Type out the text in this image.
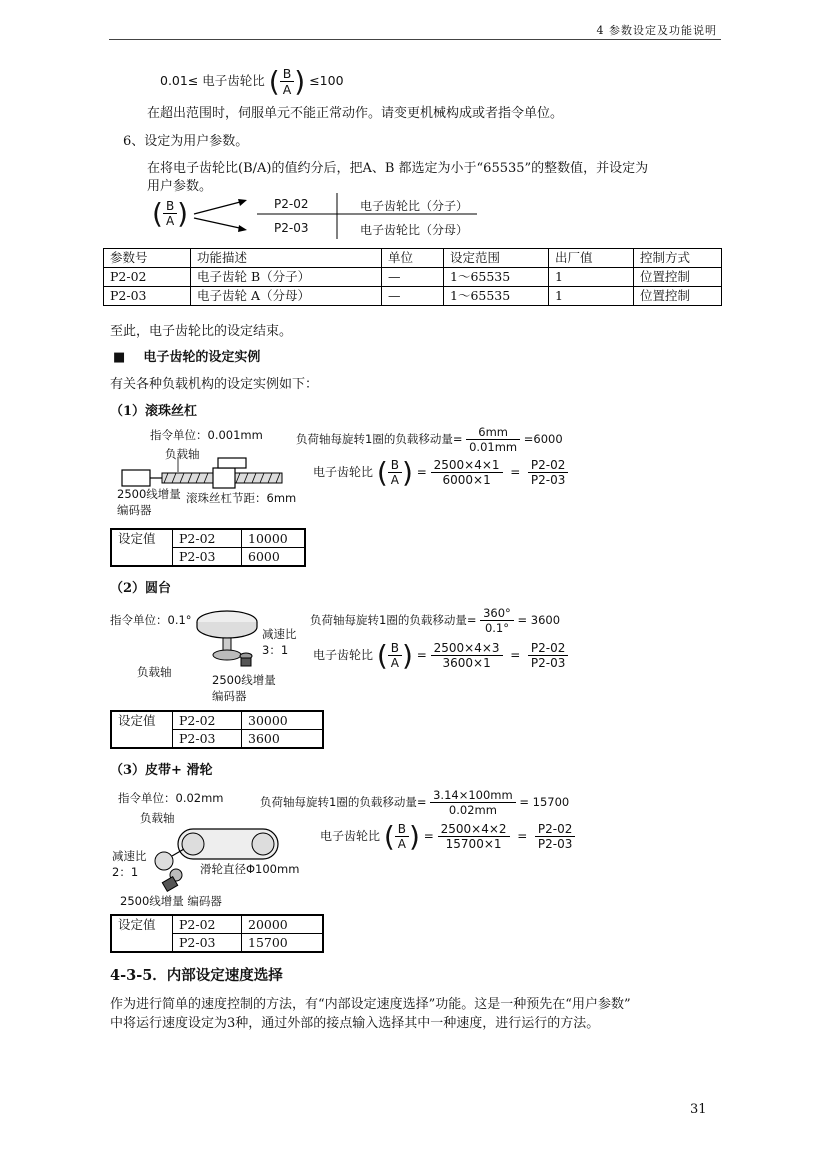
4 参数设定及功能说明
0.01≤ 电子齿轮比 ( $\frac{B}{A}$ ) ≤100
在超出范围时，伺服单元不能正常动作。请变更机械构成或者指令单位。
6、设定为用户参数。
在将电子齿轮比(B/A)的值约分后，把A、B 都选定为小于“65535”的整数值，并设定为
用户参数。
( $\frac{B}{A}$ )	P2-02	电子齿轮比（分子）
P2-03	电子齿轮比（分母）
参数号	功能描述	单位	设定范围	出厂值	控制方式
P2-02	电子齿轮 B（分子）	—	1～65535	1	位置控制
P2-03	电子齿轮 A（分母）	—	1～65535	1	位置控制
至此，电子齿轮比的设定结束。
■ 电子齿轮的设定实例
有关各种负载机构的设定实例如下：
（1）滚珠丝杠
指令单位：0.001mm
负载轴
2500线增量
编码器
滚珠丝杠节距：6mm
负荷轴每旋转1圈的负载移动量= $\frac{6mm}{0.01mm} =6000$
电子齿轮比 ( $\frac{B}{A}$ ) = $\frac{2500\times 4\times 1}{6000\times 1} = \frac{P2-02}{P2-03}$
设定值	P2-02	10000
	P2-03	6000
（2）圆台
指令单位：0.1°
减速比
3：1
负载轴
2500线增量
编码器
负荷轴每旋转1圈的负载移动量= $\frac{360^\circ}{0.1^\circ} = 3600$
电子齿轮比 ( $\frac{B}{A}$ ) = $\frac{2500\times 4\times 3}{3600\times 1} = \frac{P2-02}{P2-03}$
设定值	P2-02	30000
	P2-03	3600
（3）皮带+ 滑轮
指令单位：0.02mm
负载轴
减速比
2：1	滑轮直径Φ100mm
2500线增量 编码器
负荷轴每旋转1圈的负载移动量= $\frac{3.14\times 100mm}{0.02mm} = 15700$
电子齿轮比 ( $\frac{B}{A}$ ) = $\frac{2500\times 4\times 2}{15700\times 1} = \frac{P2-02}{P2-03}$
设定值	P2-02	20000
	P2-03	15700
4-3-5．内部设定速度选择
作为进行简单的速度控制的方法，有“内部设定速度选择”功能。这是一种预先在“用户参数”
中将运行速度设定为3种，通过外部的接点输入选择其中一种速度，进行运行的方法。
31
